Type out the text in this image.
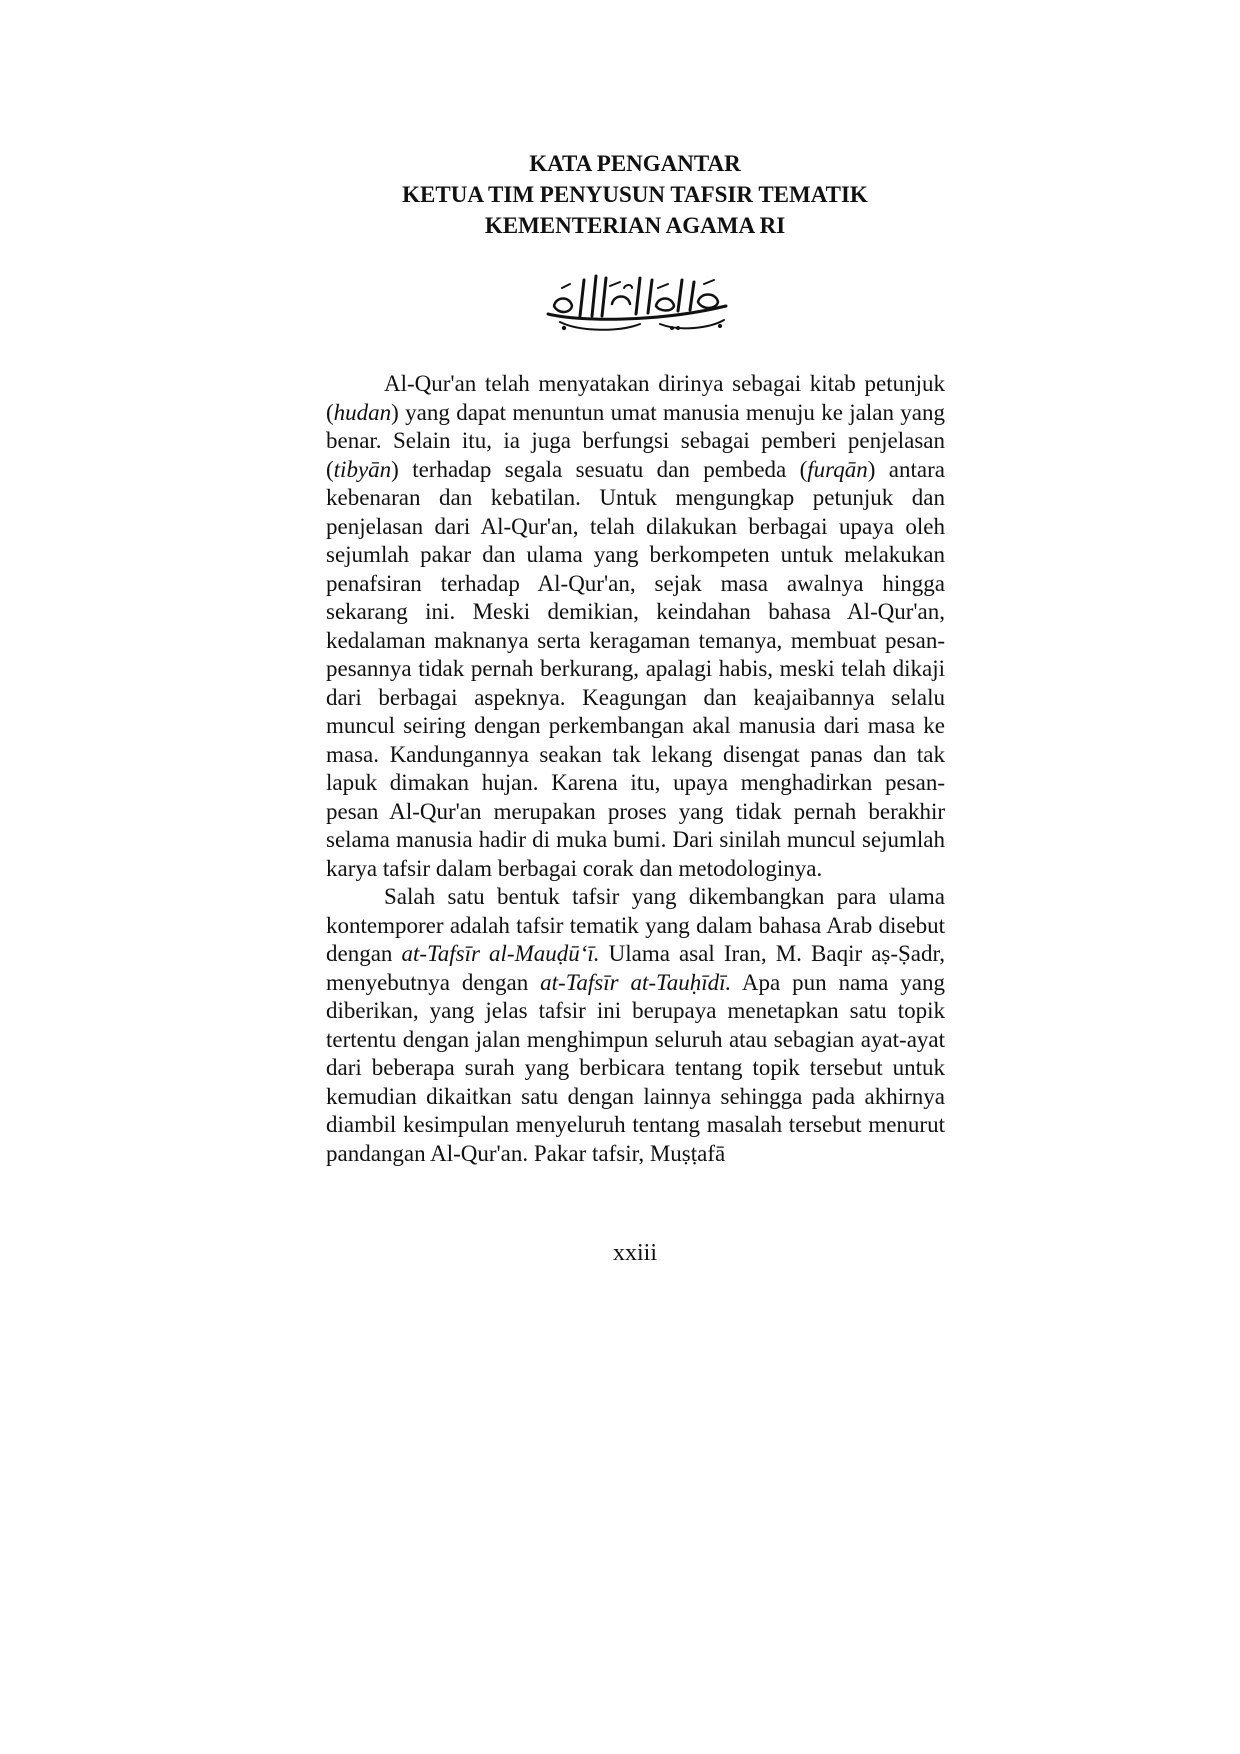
KATA PENGANTAR
KETUA TIM PENYUSUN TAFSIR TEMATIK
KEMENTERIAN AGAMA RI

Al-Qur'an telah menyatakan dirinya sebagai kitab petunjuk (hudan) yang dapat menuntun umat manusia menuju ke jalan yang benar. Selain itu, ia juga berfungsi sebagai pemberi penjelasan (tibyān) terhadap segala sesuatu dan pembeda (furqān) antara kebenaran dan kebatilan. Untuk mengungkap petunjuk dan penjelasan dari Al-Qur'an, telah dilakukan berbagai upaya oleh sejumlah pakar dan ulama yang berkompeten untuk melakukan penafsiran terhadap Al-Qur'an, sejak masa awalnya hingga sekarang ini. Meski demikian, keindahan bahasa Al-Qur'an, kedalaman maknanya serta keragaman temanya, membuat pesan-pesannya tidak pernah berkurang, apalagi habis, meski telah dikaji dari berbagai aspeknya. Keagungan dan keajaibannya selalu muncul seiring dengan perkembangan akal manusia dari masa ke masa. Kandungannya seakan tak lekang disengat panas dan tak lapuk dimakan hujan. Karena itu, upaya menghadirkan pesan-pesan Al-Qur'an merupakan proses yang tidak pernah berakhir selama manusia hadir di muka bumi. Dari sinilah muncul sejumlah karya tafsir dalam berbagai corak dan metodologinya.

Salah satu bentuk tafsir yang dikembangkan para ulama kontemporer adalah tafsir tematik yang dalam bahasa Arab disebut dengan at-Tafsīr al-Mauḍū‘ī. Ulama asal Iran, M. Baqir aṣ-Ṣadr, menyebutnya dengan at-Tafsīr at-Tauḥīdī. Apa pun nama yang diberikan, yang jelas tafsir ini berupaya menetapkan satu topik tertentu dengan jalan menghimpun seluruh atau sebagian ayat-ayat dari beberapa surah yang berbicara tentang topik tersebut untuk kemudian dikaitkan satu dengan lainnya sehingga pada akhirnya diambil kesimpulan menyeluruh tentang masalah tersebut menurut pandangan Al-Qur'an. Pakar tafsir, Muṣṭafā

xxiii
